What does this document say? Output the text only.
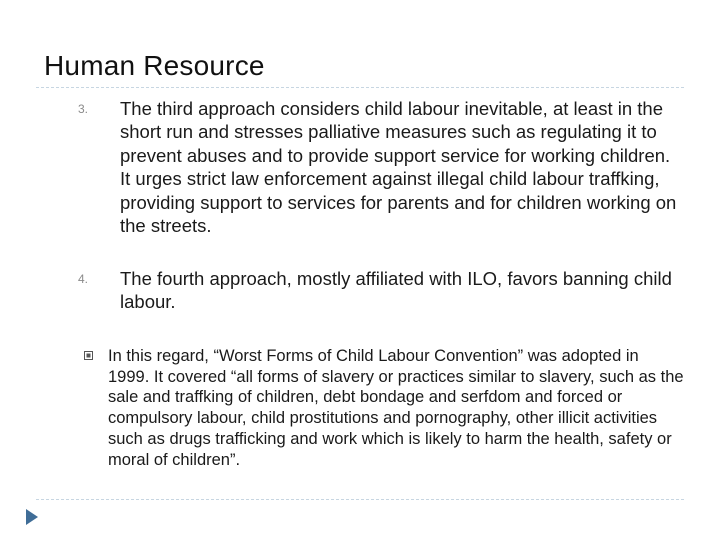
Human Resource
3. The third approach considers child labour inevitable, at least in the short run and stresses palliative measures such as regulating it to prevent abuses and to provide support service for working children. It urges strict law enforcement against illegal child labour traffking, providing support to services for parents and for children working on the streets.
4. The fourth approach, mostly affiliated with ILO, favors banning child labour.
In this regard, “Worst Forms of Child Labour Convention” was adopted in 1999. It covered “all forms of slavery or practices similar to slavery, such as the sale and traffking of children, debt bondage and serfdom and forced or compulsory labour, child prostitutions and pornography, other illicit activities such as drugs trafficking and work which is likely to harm the health, safety or moral of children”.
